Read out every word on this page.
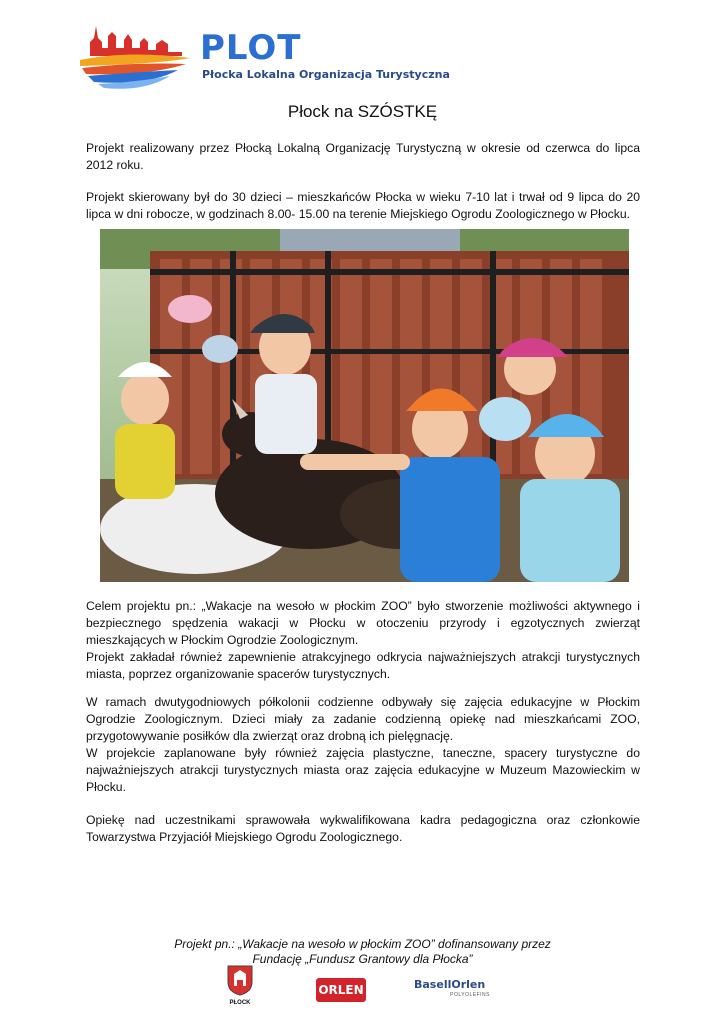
PLOT
Płocka Lokalna Organizacja Turystyczna
Płock na SZÓSTKĘ

Projekt realizowany przez Płocką Lokalną Organizację Turystyczną w okresie od czerwca do lipca 2012 roku.

Projekt skierowany był do 30 dzieci – mieszkańców Płocka w wieku 7-10 lat i trwał od 9 lipca do 20 lipca w dni robocze, w godzinach 8.00- 15.00 na terenie Miejskiego Ogrodu Zoologicznego w Płocku.

Celem projektu pn.: „Wakacje na wesoło w płockim ZOO” było stworzenie możliwości aktywnego i bezpiecznego spędzenia wakacji w Płocku w otoczeniu przyrody i egzotycznych zwierząt mieszkających w Płockim Ogrodzie Zoologicznym.

Projekt zakładał również zapewnienie atrakcyjnego odkrycia najważniejszych atrakcji turystycznych miasta, poprzez organizowanie spacerów turystycznych.

W ramach dwutygodniowych półkolonii codzienne odbywały się zajęcia edukacyjne w Płockim Ogrodzie Zoologicznym. Dzieci miały za zadanie codzienną opiekę nad mieszkańcami ZOO, przygotowywanie posiłków dla zwierząt oraz drobną ich pielęgnację.

W projekcie zaplanowane były również zajęcia plastyczne, taneczne, spacery turystyczne do najważniejszych atrakcji turystycznych miasta oraz zajęcia edukacyjne w Muzeum Mazowieckim w Płocku.

Opiekę nad uczestnikami sprawowała wykwalifikowana kadra pedagogiczna oraz członkowie Towarzystwa Przyjaciół Miejskiego Ogrodu Zoologicznego.

Projekt pn.: „Wakacje na wesoło w płockim ZOO” dofinansowany przez
Fundację „Fundusz Grantowy dla Płocka”
PŁOCK
ORLEN	BasellOrlen
POLYOLEFINS
